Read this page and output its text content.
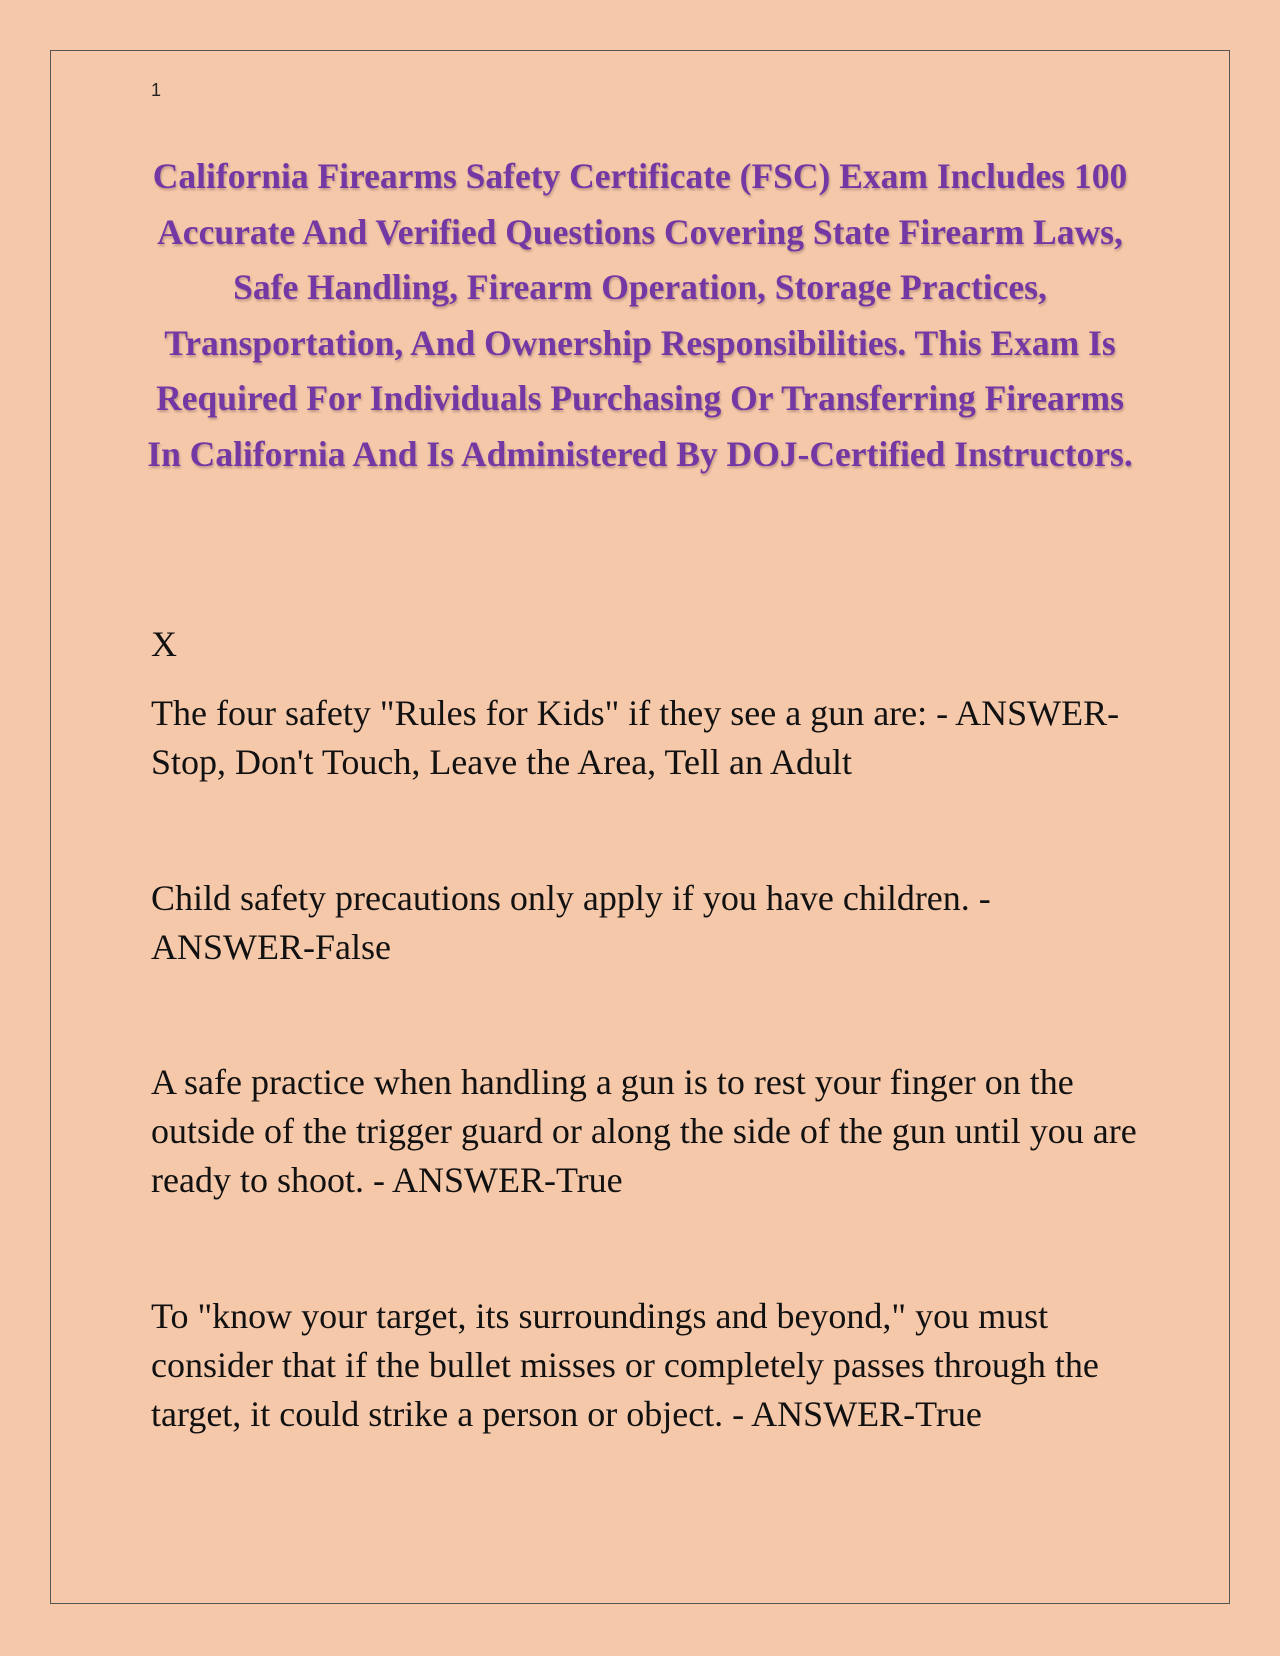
1

California Firearms Safety Certificate (FSC) Exam Includes 100 Accurate And Verified Questions Covering State Firearm Laws, Safe Handling, Firearm Operation, Storage Practices, Transportation, And Ownership Responsibilities. This Exam Is Required For Individuals Purchasing Or Transferring Firearms In California And Is Administered By DOJ-Certified Instructors.

X

The four safety "Rules for Kids" if they see a gun are: - ANSWER-Stop, Don't Touch, Leave the Area, Tell an Adult

Child safety precautions only apply if you have children. - ANSWER-False

A safe practice when handling a gun is to rest your finger on the outside of the trigger guard or along the side of the gun until you are ready to shoot. - ANSWER-True

To "know your target, its surroundings and beyond," you must consider that if the bullet misses or completely passes through the target, it could strike a person or object. - ANSWER-True
